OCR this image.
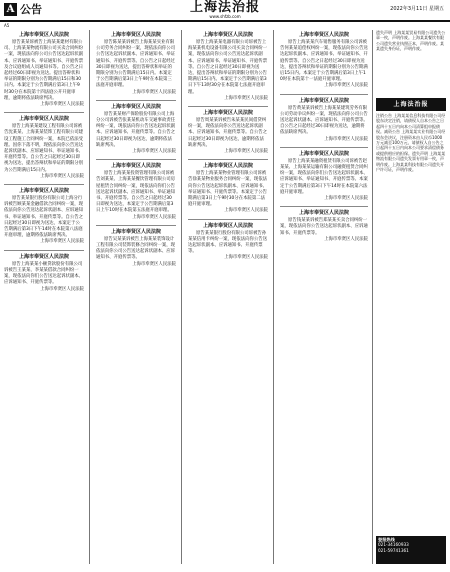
A 公告	上海法治报
www.shfzb.com
2022年3月11日 星期五
A5
上海市奉贤区人民法院

原告某某诉被告上海某某建材有限公司、上海某某物流有限公司买卖合同纠纷一案，现依法向你公司公告送达起诉状副本、应诉通知书、举证通知书、开庭传票及合议庭组成人员通知书等。自公告之日起经过60日即视为送达。提出答辩状和举证的期限分别为公告期满后15日和30日内。本案定于公告期满后第3日上午9时30分在本院第十四法庭公开开庭审理，逾期将依法缺席判决。

上海市奉贤区人民法院

上海市奉贤区人民法院

原告上海某某建设工程有限公司诉被告沈某某、上海某某装饰工程有限公司建设工程施工合同纠纷一案，本院已依法受理。因你下落不明，现依法向你公告送达起诉状副本、应诉通知书、举证通知书、开庭传票等。自公告之日起经过30日即视为送达，提出答辩状和举证的期限分别为公告期满后15日内。

上海市奉贤区人民法院

上海市奉贤区人民法院

原告某某银行股份有限公司上海分行诉被告顾某某金融借款合同纠纷一案，现依法向你公告送达起诉状副本、应诉通知书、举证通知书、开庭传票等。自公告之日起经过30日即视为送达，本案定于公告期满后第3日下午14时在本院第八法庭开庭审理，逾期将依法缺席判决。

上海市奉贤区人民法院

上海市奉贤区人民法院

原告上海某某小额贷款股份有限公司诉被告王某某、李某某借款合同纠纷一案，现依法向你们公告送达起诉状副本、应诉通知书、开庭传票等。

上海市奉贤区人民法院

上海市奉贤区人民法院

原告陈某某诉被告上海某某实业有限公司劳务合同纠纷一案，现依法向你公司公告送达起诉状副本、应诉通知书、举证通知书、开庭传票等。自公告之日起经过30日即视为送达，提出答辩状和举证的期限分别为公告期满后15日内。本案定于公告期满后第3日上午9时在本院第三法庭开庭审理。

上海市奉贤区人民法院

上海市奉贤区人民法院

原告某某财产保险股份有限公司上海分公司诉被告张某某机动车交通事故责任纠纷一案，现依法向你公告送达起诉状副本、应诉通知书、开庭传票等。自公告之日起经过30日即视为送达，逾期将依法缺席判决。

上海市奉贤区人民法院

上海市奉贤区人民法院

原告上海某某投资管理有限公司诉被告刘某某、上海某某餐饮管理有限公司房屋租赁合同纠纷一案，现依法向你们公告送达起诉状副本、应诉通知书、举证通知书、开庭传票等。自公告之日起经过30日即视为送达，本案定于公告期满后第3日上午10时在本院第五法庭开庭审理。

上海市奉贤区人民法院

上海市奉贤区人民法院

原告吴某某诉被告上海某某装饰设计工程有限公司装饰装修合同纠纷一案，现依法向你公司公告送达起诉状副本、应诉通知书、开庭传票等。

上海市奉贤区人民法院

上海市奉贤区人民法院

原告上海某某电器有限公司诉被告上海某某机电设备有限公司买卖合同纠纷一案，现依法向你公司公告送达起诉状副本、应诉通知书、举证通知书、开庭传票等。自公告之日起经过30日即视为送达，提出答辩状和举证的期限分别为公告期满后15日内。本案定于公告期满后第3日下午13时30分在本院第七法庭开庭审理。

上海市奉贤区人民法院

上海市奉贤区人民法院

原告周某某诉被告朱某某民间借贷纠纷一案，现依法向你公告送达起诉状副本、应诉通知书、开庭传票等。自公告之日起经过30日即视为送达，逾期将依法缺席判决。

上海市奉贤区人民法院

上海市奉贤区人民法院

原告上海某某物业管理有限公司诉被告徐某某物业服务合同纠纷一案，现依法向你公告送达起诉状副本、应诉通知书、举证通知书、开庭传票等。本案定于公告期满后第3日上午9时30分在本院第二法庭开庭审理。

上海市奉贤区人民法院

上海市奉贤区人民法院

原告某某银行股份有限公司诉被告孙某某信用卡纠纷一案，现依法向你公告送达起诉状副本、应诉通知书、开庭传票等。

上海市奉贤区人民法院

上海市奉贤区人民法院

原告上海某某汽车销售服务有限公司诉被告何某某追偿权纠纷一案，现依法向你公告送达起诉状副本、应诉通知书、举证通知书、开庭传票等。自公告之日起经过30日即视为送达，提出答辩状和举证的期限分别为公告期满后15日内。本案定于公告期满后第3日上午10时在本院第十一法庭开庭审理。

上海市奉贤区人民法院

上海市奉贤区人民法院

原告黄某某诉被告上海某某建筑劳务有限公司劳动争议纠纷一案，现依法向你公司公告送达起诉状副本、应诉通知书、开庭传票等。自公告之日起经过30日即视为送达，逾期将依法缺席判决。

上海市奉贤区人民法院

上海市奉贤区人民法院

原告上海某某融资租赁有限公司诉被告赵某某、上海某某运输有限公司融资租赁合同纠纷一案，现依法向你们公告送达起诉状副本、应诉通知书、举证通知书、开庭传票等。本案定于公告期满后第3日下午14时在本院第六法庭开庭审理。

上海市奉贤区人民法院

上海市奉贤区人民法院

原告钱某某诉被告郑某某买卖合同纠纷一案，现依法向你公告送达起诉状副本、应诉通知书、开庭传票等。

上海市奉贤区人民法院

遗失声明 上海某某贸易有限公司遗失公章一枚，声明作废。上海某某餐饮有限公司遗失营业执照正本，声明作废。某某遗失身份证，声明作废。
上海法治报
注销公告 上海某某信息科技有限公司经股东决定注销，请债权人自本公告之日起四十五日内向本公司清算组申报债权。减资公告 上海某某实业有限公司经股东会决议，注册资本由人民币1000万元减至100万元，请债权人自公告之日起四十五日内向本公司要求清偿债务或提供相应的担保。遗失声明 上海某某物流有限公司遗失发票专用章一枚，声明作废。上海某某科技有限公司遗失开户许可证，声明作废。
登报热线
021-34160933
021-59741361
